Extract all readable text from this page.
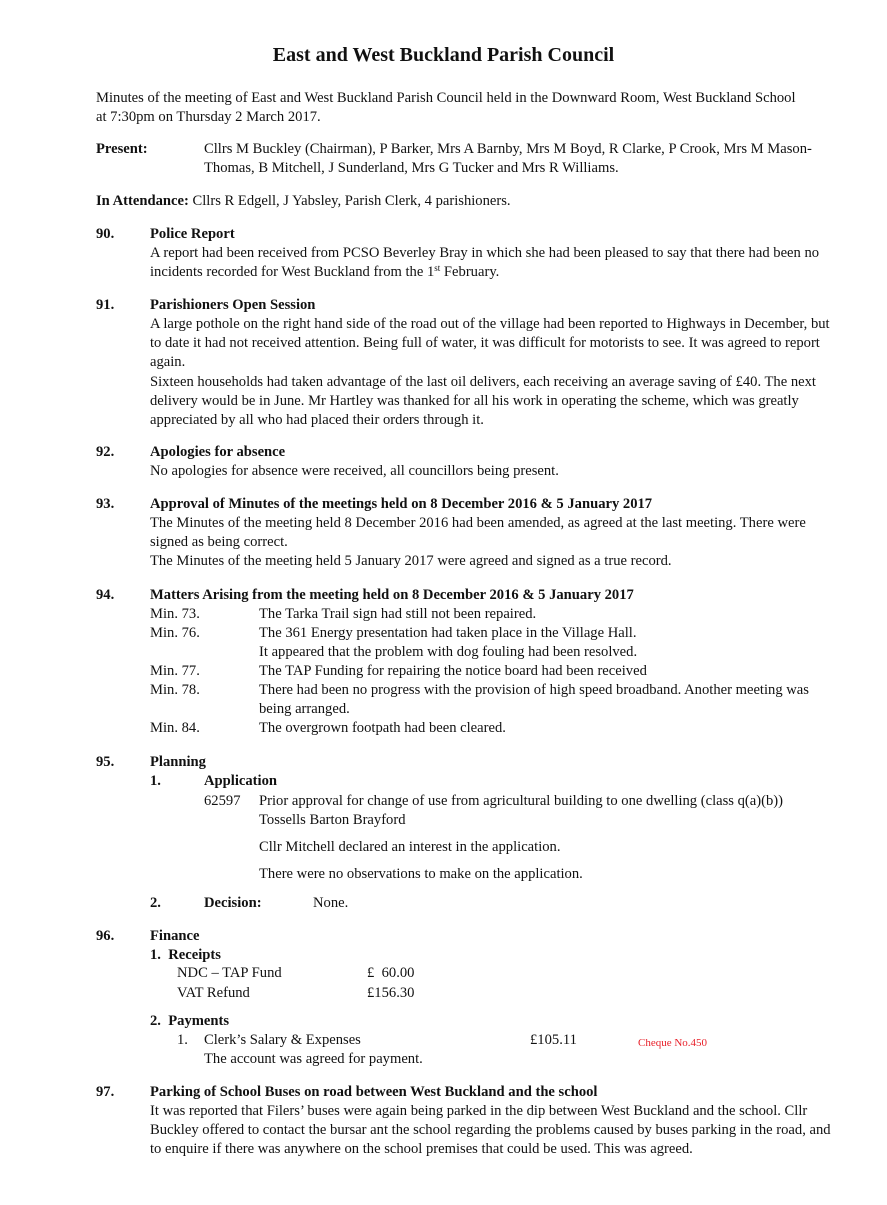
East and West Buckland Parish Council

Minutes of the meeting of East and West Buckland Parish Council held in the Downward Room, West Buckland School at 7:30pm on Thursday 2 March 2017.

Present:	Cllrs M Buckley (Chairman), P Barker, Mrs A Barnby, Mrs M Boyd, R Clarke, P Crook, Mrs M Mason-Thomas, B Mitchell, J Sunderland, Mrs G Tucker and Mrs R Williams.

In Attendance: Cllrs R Edgell, J Yabsley, Parish Clerk, 4 parishioners.

90. Police Report

A report had been received from PCSO Beverley Bray in which she had been pleased to say that there had been no incidents recorded for West Buckland from the 1st February.

91. Parishioners Open Session

A large pothole on the right hand side of the road out of the village had been reported to Highways in December, but to date it had not received attention. Being full of water, it was difficult for motorists to see. It was agreed to report again.

Sixteen households had taken advantage of the last oil delivers, each receiving an average saving of £40. The next delivery would be in June. Mr Hartley was thanked for all his work in operating the scheme, which was greatly appreciated by all who had placed their orders through it.

92. Apologies for absence

No apologies for absence were received, all councillors being present.

93. Approval of Minutes of the meetings held on 8 December 2016 & 5 January 2017

The Minutes of the meeting held 8 December 2016 had been amended, as agreed at the last meeting. There were signed as being correct.

The Minutes of the meeting held 5 January 2017 were agreed and signed as a true record.

94. Matters Arising from the meeting held on 8 December 2016 & 5 January 2017
Min. 73.	The Tarka Trail sign had still not been repaired.
Min. 76.	The 361 Energy presentation had taken place in the Village Hall.
It appeared that the problem with dog fouling had been resolved.
Min. 77.	The TAP Funding for repairing the notice board had been received
Min. 78.	There had been no progress with the provision of high speed broadband. Another meeting was being arranged.
Min. 84.	The overgrown footpath had been cleared.
95. Planning
1.	Application
62597 Prior approval for change of use from agricultural building to one dwelling (class q(a)(b)) Tossells Barton Brayford

Cllr Mitchell declared an interest in the application.

There were no observations to make on the application.

2.	Decision:	None.
96. Finance
1.  Receipts
NDC – TAP Fund	£  60.00
VAT Refund	£156.30
2.  Payments
1. Clerk’s Salary & Expenses	£105.11	Cheque No.450
The account was agreed for payment.
97. Parking of School Buses on road between West Buckland and the school

It was reported that Filers’ buses were again being parked in the dip between West Buckland and the school. Cllr Buckley offered to contact the bursar ant the school regarding the problems caused by buses parking in the road, and to enquire if there was anywhere on the school premises that could be used. This was agreed.
